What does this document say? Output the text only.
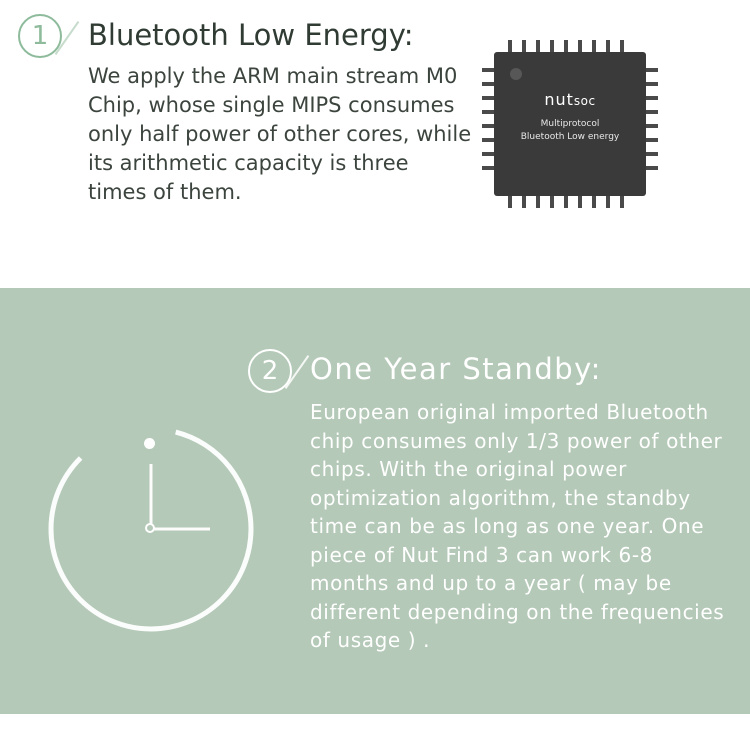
1 Bluetooth Low Energy:
We apply the ARM main stream M0 Chip, whose single MIPS consumes only half power of other cores, while its arithmetic capacity is three times of them.
nutsoc
Multiprotocol
Bluetooth Low energy
2 One Year Standby:
European original imported Bluetooth chip consumes only 1/3 power of other chips. With the original power optimization algorithm, the standby time can be as long as one year. One piece of Nut Find 3 can work 6-8 months and up to a year ( may be different depending on the frequencies of usage ) .
